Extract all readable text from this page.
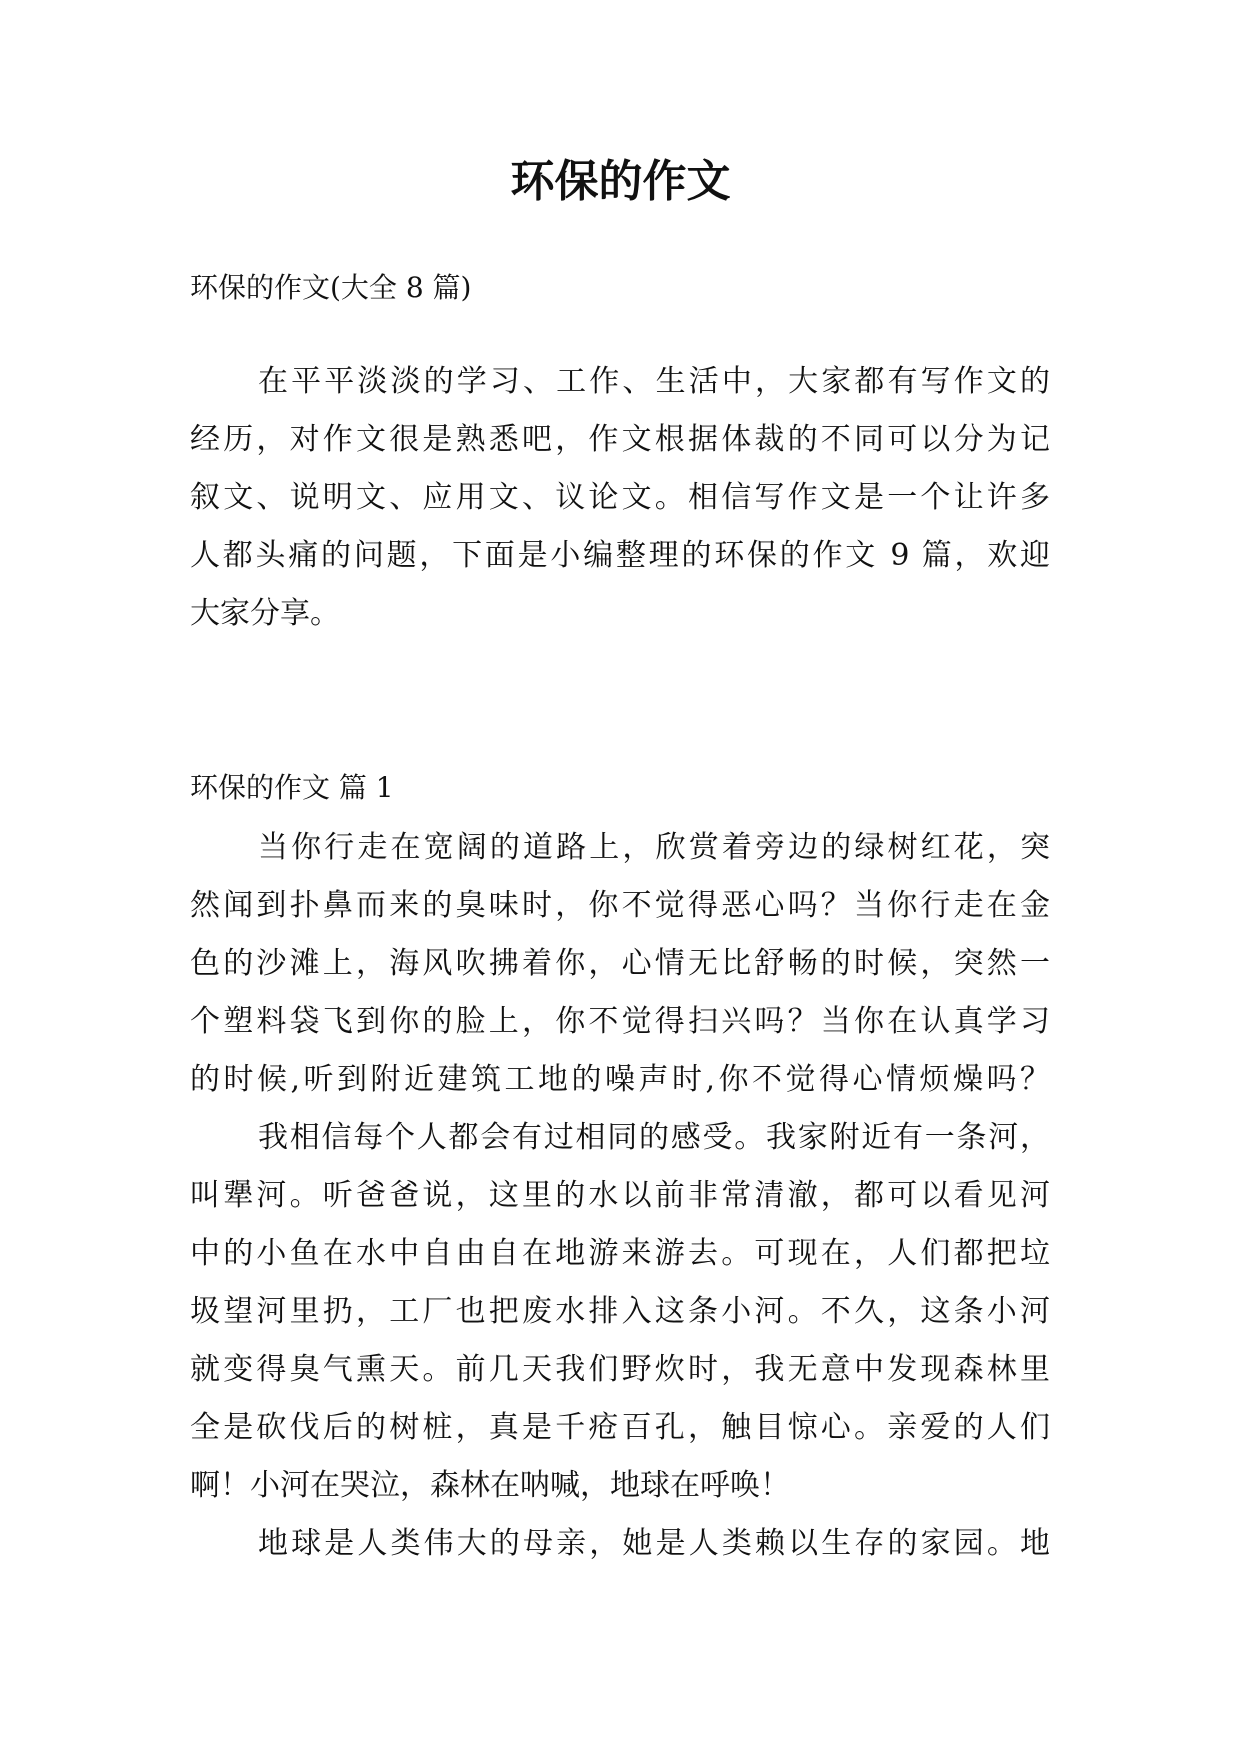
环保的作文

环保的作文(大全 8 篇)

在平平淡淡的学习、工作、生活中，大家都有写作文的
经历，对作文很是熟悉吧，作文根据体裁的不同可以分为记
叙文、说明文、应用文、议论文。相信写作文是一个让许多
人都头痛的问题，下面是小编整理的环保的作文 9 篇，欢迎
大家分享。

环保的作文 篇 1

当你行走在宽阔的道路上，欣赏着旁边的绿树红花，突
然闻到扑鼻而来的臭味时，你不觉得恶心吗？当你行走在金
色的沙滩上，海风吹拂着你，心情无比舒畅的时候，突然一
个塑料袋飞到你的脸上，你不觉得扫兴吗？当你在认真学习
的时候,听到附近建筑工地的噪声时,你不觉得心情烦燥吗？
我相信每个人都会有过相同的感受。我家附近有一条河，
叫犟河。听爸爸说，这里的水以前非常清澈，都可以看见河
中的小鱼在水中自由自在地游来游去。可现在，人们都把垃
圾望河里扔，工厂也把废水排入这条小河。不久，这条小河
就变得臭气熏天。前几天我们野炊时，我无意中发现森林里
全是砍伐后的树桩，真是千疮百孔，触目惊心。亲爱的人们
啊！小河在哭泣，森林在呐喊，地球在呼唤！
地球是人类伟大的母亲，她是人类赖以生存的家园。地
